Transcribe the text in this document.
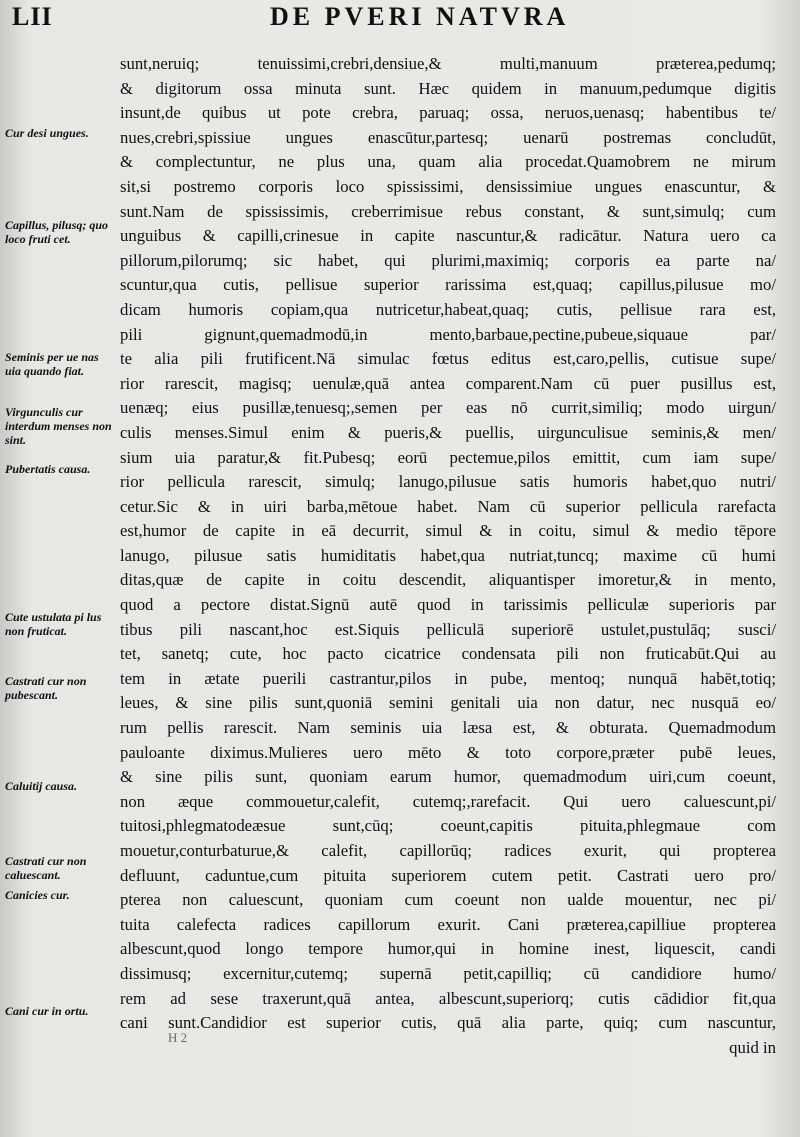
LII	DE PVERI NATVRA
Cur desi ungues.
Capillus, pilusq; quo loco fruti cet.
Seminis per ue nas uia quando fiat.
Virgunculis cur interdum menses non sint.
Pubertatis causa.
Cute ustulata pi lus non fruticat.
Castrati cur non pubescant.
Caluitij causa.
Castrati cur non caluescant.
Canicies cur.
Cani cur in ortu.
sunt,neruiq; tenuissimi,crebri,densiue,& multi,manuum præterea,pedumq;
& digitorum ossa minuta sunt. Hæc quidem in manuum,pedumque digitis
insunt,de quibus ut pote crebra, paruaq; ossa, neruos,uenasq; habentibus te/
nues,crebri,spissiue ungues enascūtur,partesq; uenarū postremas concludūt,
& complectuntur, ne plus una, quam alia procedat.Quamobrem ne mirum
sit,si postremo corporis loco spississimi, densissimiue ungues enascuntur, &
sunt.Nam de spississimis, creberrimisue rebus constant, & sunt,simulq; cum
unguibus & capilli,crinesue in capite nascuntur,& radicātur. Natura uero ca
pillorum,pilorumq; sic habet, qui plurimi,maximiq; corporis ea parte na/
scuntur,qua cutis, pellisue superior rarissima est,quaq; capillus,pilusue mo/
dicam humoris copiam,qua nutricetur,habeat,quaq; cutis, pellisue rara est,
pili gignunt,quemadmodū,in mento,barbaue,pectine,pubeue,siquaue par/
te alia pili frutificent.Nā simulac fœtus editus est,caro,pellis, cutisue supe/
rior rarescit, magisq; uenulæ,quā antea comparent.Nam cū puer pusillus est,
uenæq; eius pusillæ,tenuesq;,semen per eas nō currit,similiq; modo uirgun/
culis menses.Simul enim & pueris,& puellis, uirgunculisue seminis,& men/
sium uia paratur,& fit.Pubesq; eorū pectemue,pilos emittit, cum iam supe/
rior pellicula rarescit, simulq; lanugo,pilusue satis humoris habet,quo nutri/
cetur.Sic & in uiri barba,mētoue habet. Nam cū superior pellicula rarefacta
est,humor de capite in eā decurrit, simul & in coitu, simul & medio tēpore
lanugo, pilusue satis humiditatis habet,qua nutriat,tuncq; maxime cū humi
ditas,quæ de capite in coitu descendit, aliquantisper imoretur,& in mento,
quod a pectore distat.Signū autē quod in tarissimis pelliculæ superioris par
tibus pili nascant,hoc est.Siquis pelliculā superiorē ustulet,pustulāq; susci/
tet, sanetq; cute, hoc pacto cicatrice condensata pili non fruticabūt.Qui au
tem in ætate puerili castrantur,pilos in pube, mentoq; nunquā habēt,totiq;
leues, & sine pilis sunt,quoniā semini genitali uia non datur, nec nusquā eo/
rum pellis rarescit. Nam seminis uia læsa est, & obturata. Quemadmodum
pauloante diximus.Mulieres uero mēto & toto corpore,præter pubē leues,
& sine pilis sunt, quoniam earum humor, quemadmodum uiri,cum coeunt,
non æque commouetur,calefit, cutemq;,rarefacit. Qui uero caluescunt,pi/
tuitosi,phlegmatodeæsue sunt,cūq; coeunt,capitis pituita,phlegmaue com
mouetur,conturbaturue,& calefit, capillorūq; radices exurit, qui propterea
defluunt, caduntue,cum pituita superiorem cutem petit. Castrati uero pro/
pterea non caluescunt, quoniam cum coeunt non ualde mouentur, nec pi/
tuita calefecta radices capillorum exurit. Cani præterea,capilliue propterea
albescunt,quod longo tempore humor,qui in homine inest, liquescit, candi
dissimusq; excernitur,cutemq; supernā petit,capilliq; cū candidiore humo/
rem ad sese traxerunt,quā antea, albescunt,superiorq; cutis cādidior fit,qua
cani sunt.Candidior est superior cutis, quā alia parte, quiq; cum nascuntur,
quid in
H 2
